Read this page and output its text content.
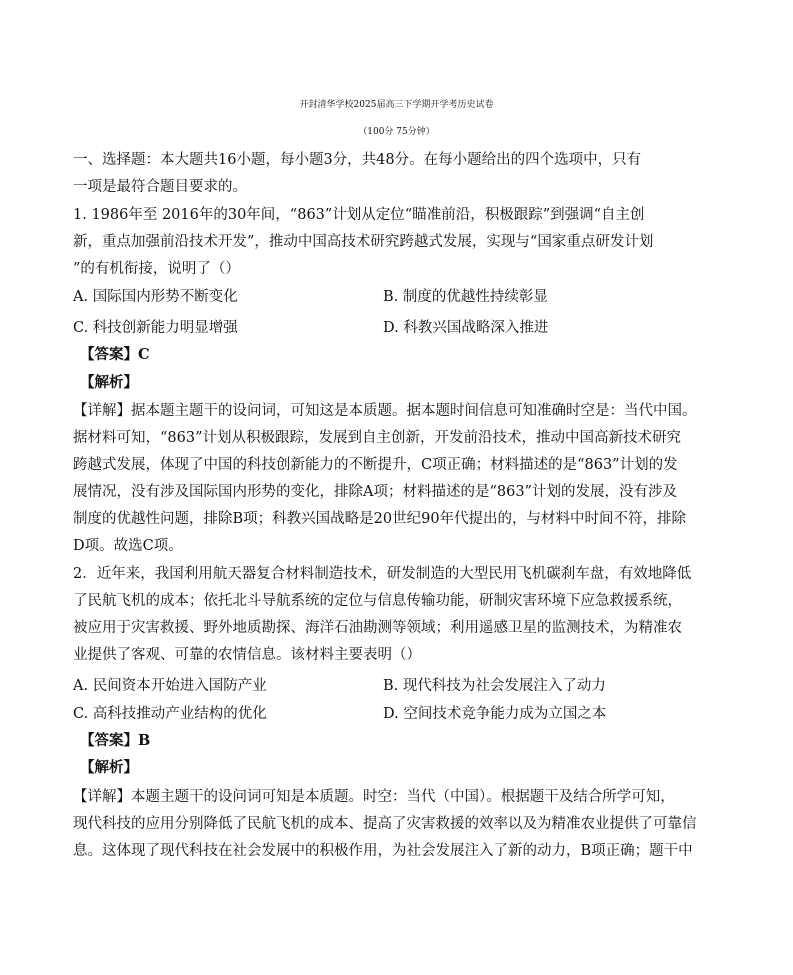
开封清华学校2025届高三下学期开学考历史试卷
（100分 75分钟）
一、选择题：本大题共16小题，每小题3分，共48分。在每小题给出的四个选项中，只有
一项是最符合题目要求的。
1. 1986年至 2016年的30年间，“863”计划从定位“瞄准前沿，积极跟踪”到强调“自主创
新，重点加强前沿技术开发”，推动中国高技术研究跨越式发展，实现与“国家重点研发计划
”的有机衔接，说明了（）
A. 国际国内形势不断变化	B. 制度的优越性持续彰显
C. 科技创新能力明显增强	D. 科教兴国战略深入推进
【答案】C
【解析】
【详解】据本题主题干的设问词，可知这是本质题。据本题时间信息可知准确时空是：当代中国。
据材料可知，“863”计划从积极跟踪，发展到自主创新，开发前沿技术，推动中国高新技术研究
跨越式发展，体现了中国的科技创新能力的不断提升，C项正确；材料描述的是“863”计划的发
展情况，没有涉及国际国内形势的变化，排除A项；材料描述的是“863”计划的发展，没有涉及
制度的优越性问题，排除B项；科教兴国战略是20世纪90年代提出的，与材料中时间不符，排除
D项。故选C项。
2．近年来，我国利用航天器复合材料制造技术，研发制造的大型民用飞机碳刹车盘，有效地降低
了民航飞机的成本；依托北斗导航系统的定位与信息传输功能，研制灾害环境下应急救援系统，
被应用于灾害救援、野外地质勘探、海洋石油勘测等领域；利用遥感卫星的监测技术，为精准农
业提供了客观、可靠的农情信息。该材料主要表明（）
A. 民间资本开始进入国防产业	B. 现代科技为社会发展注入了动力
C. 高科技推动产业结构的优化	D. 空间技术竞争能力成为立国之本
【答案】B
【解析】
【详解】本题主题干的设问词可知是本质题。时空：当代（中国）。根据题干及结合所学可知，
现代科技的应用分别降低了民航飞机的成本、提高了灾害救援的效率以及为精准农业提供了可靠信
息。这体现了现代科技在社会发展中的积极作用，为社会发展注入了新的动力，B项正确；题干中
